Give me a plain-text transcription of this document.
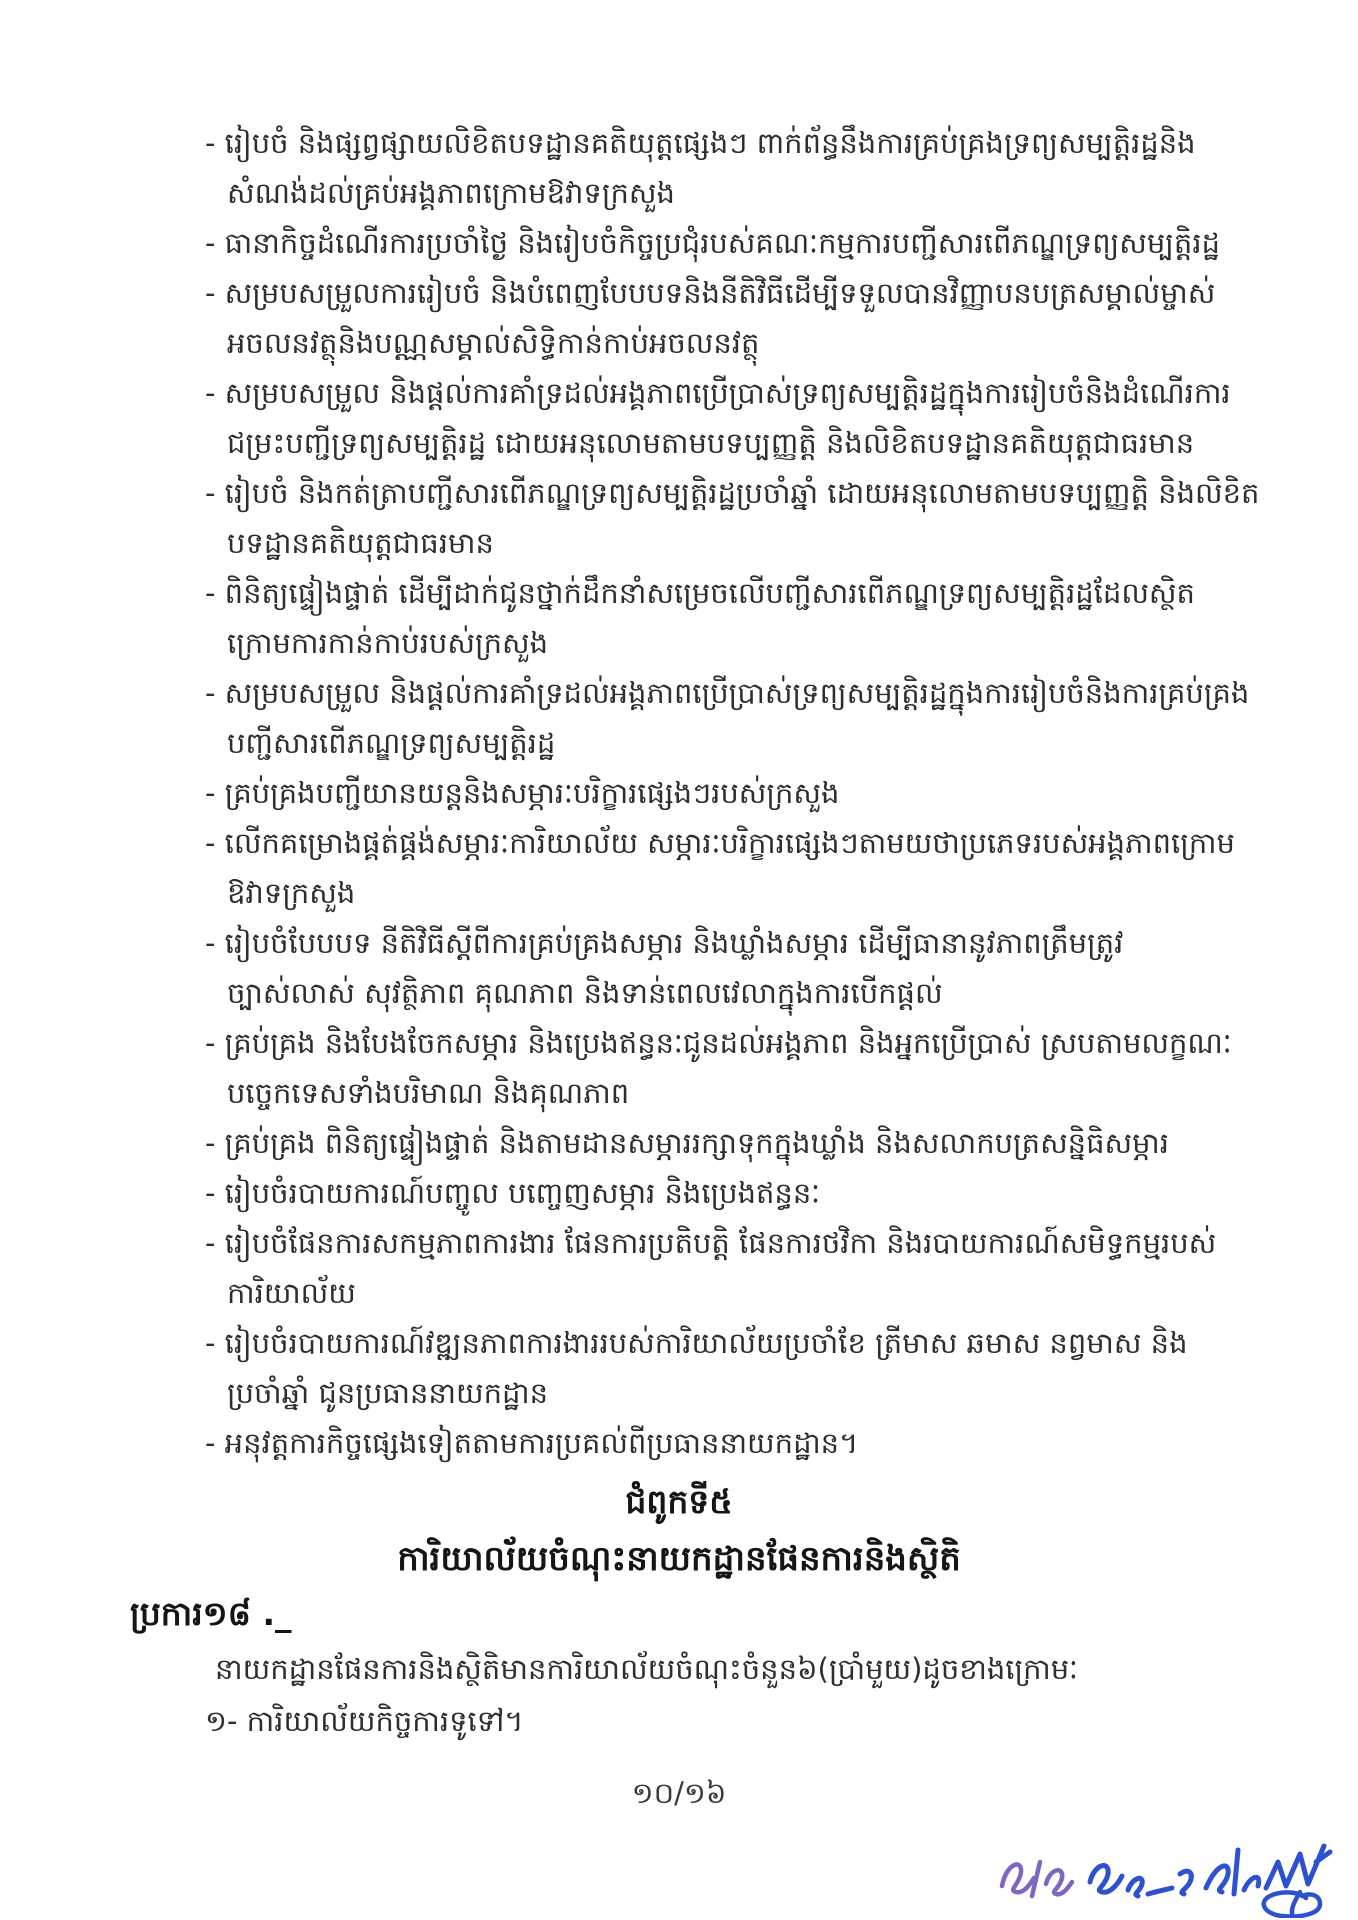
- រៀបចំ និងផ្សព្វផ្សាយលិខិតបទដ្ឋានគតិយុត្តផ្សេងៗ ពាក់ព័ន្ធនឹងការគ្រប់គ្រងទ្រព្យសម្បត្តិរដ្ឋនិង
សំណង់ដល់គ្រប់អង្គភាពក្រោមឱវាទក្រសួង
- ធានាកិច្ចដំណើរការប្រចាំថ្ងៃ និងរៀបចំកិច្ចប្រជុំរបស់គណៈកម្មការបញ្ជីសារពើភណ្ឌទ្រព្យសម្បត្តិរដ្ឋ
- សម្របសម្រួលការរៀបចំ និងបំពេញបែបបទនិងនីតិវិធីដើម្បីទទួលបានវិញ្ញាបនបត្រសម្គាល់ម្ចាស់
អចលនវត្ថុនិងបណ្ណសម្គាល់សិទ្ធិកាន់កាប់អចលនវត្ថុ
- សម្របសម្រួល និងផ្តល់ការគាំទ្រដល់អង្គភាពប្រើប្រាស់ទ្រព្យសម្បត្តិរដ្ឋក្នុងការរៀបចំនិងដំណើរការ
ជម្រះបញ្ជីទ្រព្យសម្បត្តិរដ្ឋ ដោយអនុលោមតាមបទប្បញ្ញត្តិ និងលិខិតបទដ្ឋានគតិយុត្តជាធរមាន
- រៀបចំ និងកត់ត្រាបញ្ជីសារពើភណ្ឌទ្រព្យសម្បត្តិរដ្ឋប្រចាំឆ្នាំ ដោយអនុលោមតាមបទប្បញ្ញត្តិ និងលិខិត
បទដ្ឋានគតិយុត្តជាធរមាន
- ពិនិត្យផ្ទៀងផ្ទាត់ ដើម្បីដាក់ជូនថ្នាក់ដឹកនាំសម្រេចលើបញ្ជីសារពើភណ្ឌទ្រព្យសម្បត្តិរដ្ឋដែលស្ថិត
ក្រោមការកាន់កាប់របស់ក្រសួង
- សម្របសម្រួល និងផ្តល់ការគាំទ្រដល់អង្គភាពប្រើប្រាស់ទ្រព្យសម្បត្តិរដ្ឋក្នុងការរៀបចំនិងការគ្រប់គ្រង
បញ្ជីសារពើភណ្ឌទ្រព្យសម្បត្តិរដ្ឋ
- គ្រប់គ្រងបញ្ជីយានយន្តនិងសម្ភារៈបរិក្ខារផ្សេងៗរបស់ក្រសួង
- លើកគម្រោងផ្គត់ផ្គង់សម្ភារៈការិយាល័យ សម្ភារៈបរិក្ខារផ្សេងៗតាមយថាប្រភេទរបស់អង្គភាពក្រោម
ឱវាទក្រសួង
- រៀបចំបែបបទ នីតិវិធីស្តីពីការគ្រប់គ្រងសម្ភារ និងឃ្លាំងសម្ភារ ដើម្បីធានានូវភាពត្រឹមត្រូវ
ច្បាស់លាស់ សុវត្ថិភាព គុណភាព និងទាន់ពេលវេលាក្នុងការបើកផ្តល់
- គ្រប់គ្រង និងបែងចែកសម្ភារ និងប្រេងឥន្ធនៈជូនដល់អង្គភាព និងអ្នកប្រើប្រាស់ ស្របតាមលក្ខណៈ
បច្ចេកទេសទាំងបរិមាណ និងគុណភាព
- គ្រប់គ្រង ពិនិត្យផ្ទៀងផ្ទាត់ និងតាមដានសម្ភាររក្សាទុកក្នុងឃ្លាំង និងសលាកបត្រសន្និធិសម្ភារ
- រៀបចំរបាយការណ៍បញ្ចូល បញ្ចេញសម្ភារ និងប្រេងឥន្ធនៈ
- រៀបចំផែនការសកម្មភាពការងារ ផែនការប្រតិបត្តិ ផែនការថវិកា និងរបាយការណ៍សមិទ្ធកម្មរបស់
ការិយាល័យ
- រៀបចំរបាយការណ៍វឌ្ឍនភាពការងាររបស់ការិយាល័យប្រចាំខែ ត្រីមាស ឆមាស នព្វមាស និង
ប្រចាំឆ្នាំ ជូនប្រធាននាយកដ្ឋាន
- អនុវត្តការកិច្ចផ្សេងទៀតតាមការប្រគល់ពីប្រធាននាយកដ្ឋាន។
ជំពូកទី៥
ការិយាល័យចំណុះនាយកដ្ឋានផែនការនិងស្ថិតិ
ប្រការ១៨ ._
នាយកដ្ឋានផែនការនិងស្ថិតិមានការិយាល័យចំណុះចំនួន៦(ប្រាំមួយ)ដូចខាងក្រោមៈ
១- ការិយាល័យកិច្ចការទូទៅ។
១០/១៦
